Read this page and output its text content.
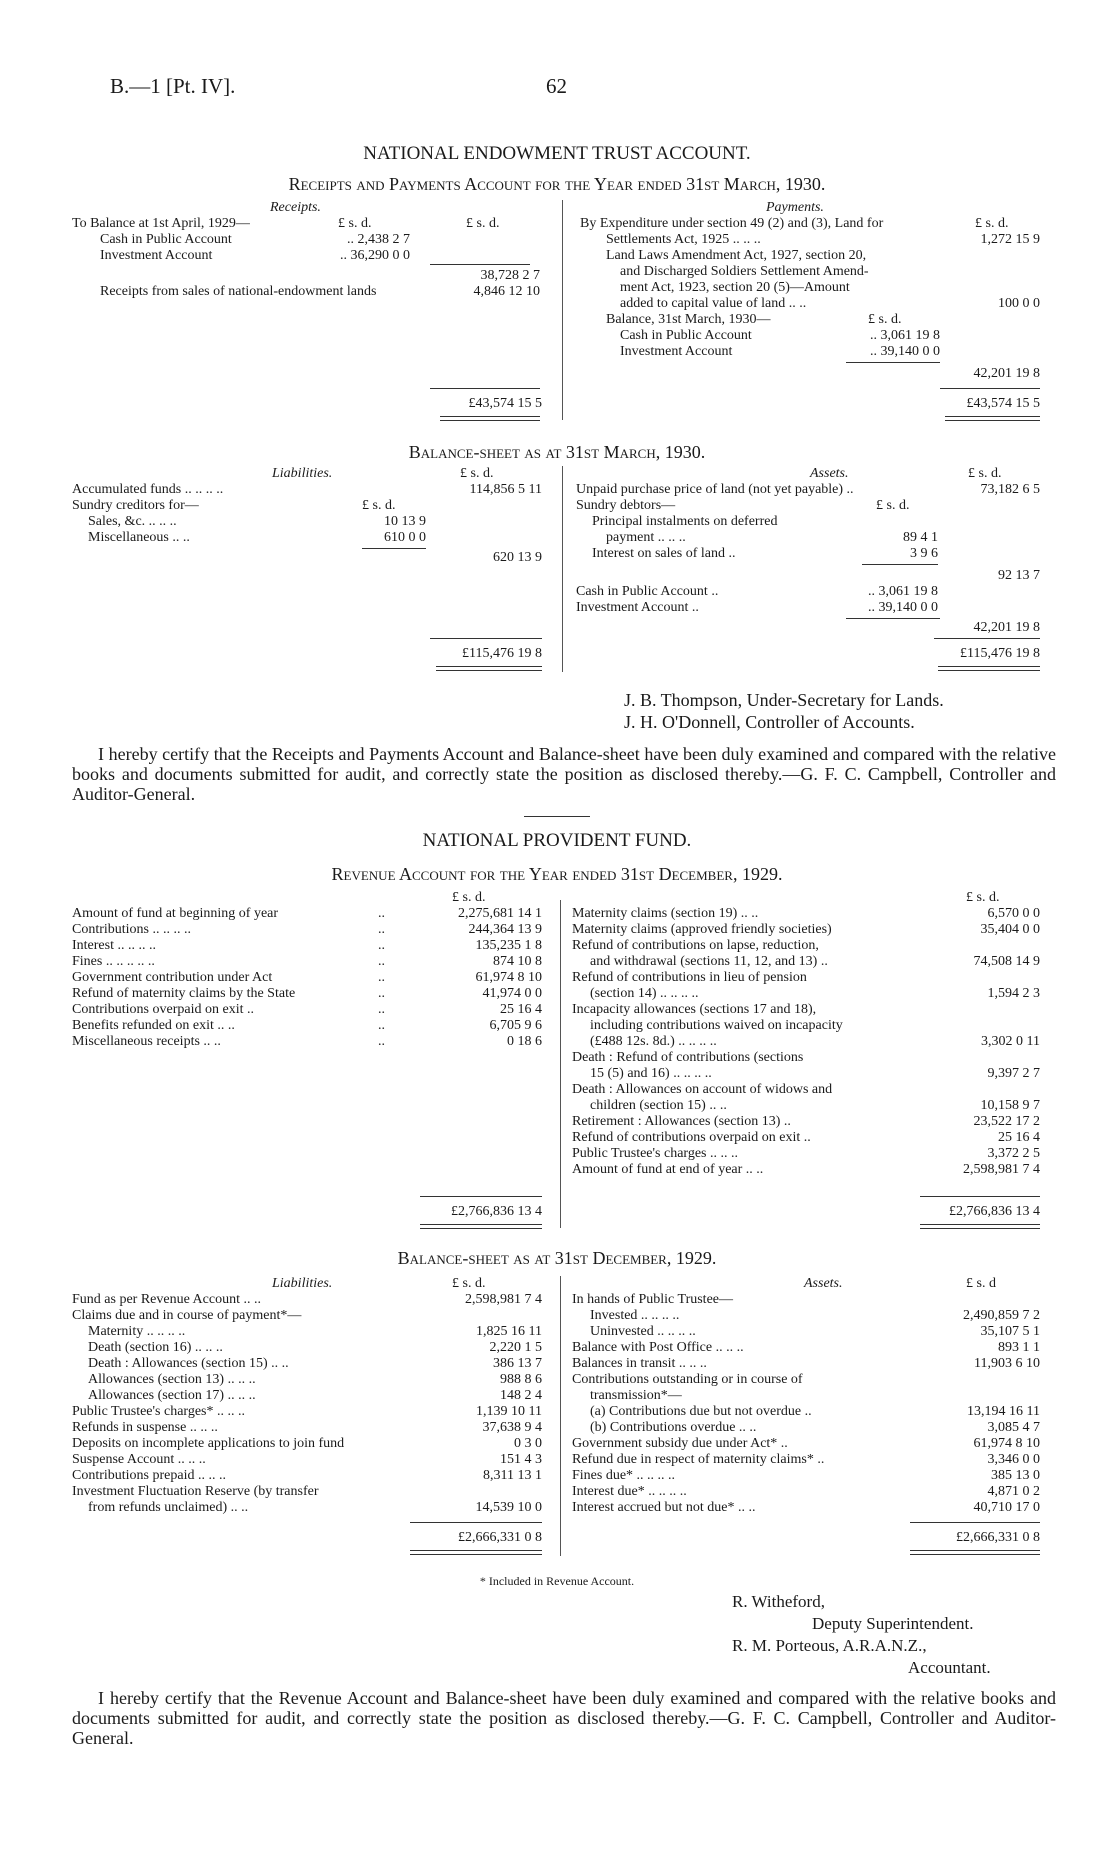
B.—1 [Pt. IV].	62
NATIONAL ENDOWMENT TRUST ACCOUNT.
Receipts and Payments Account for the Year ended 31st March, 1930.
Receipts.
£ s. d.	£ s. d.
To Balance at 1st April, 1929—
Cash in Public Account	.. 2,438 2 7
Investment Account	.. 36,290 0 0
38,728 2 7
Receipts from sales of national-endowment lands	4,846 12 10
£43,574 15 5
Payments.
£ s. d.
By Expenditure under section 49 (2) and (3), Land for
Settlements Act, 1925 .. .. ..	1,272 15 9
Land Laws Amendment Act, 1927, section 20,
and Discharged Soldiers Settlement Amend-
ment Act, 1923, section 20 (5)—Amount
added to capital value of land .. ..	100 0 0
Balance, 31st March, 1930—	£ s. d.
Cash in Public Account	.. 3,061 19 8
Investment Account	.. 39,140 0 0
42,201 19 8
£43,574 15 5
Balance-sheet as at 31st March, 1930.
Liabilities.	£ s. d.
Accumulated funds .. .. .. ..	114,856 5 11
Sundry creditors for—	£ s. d.
Sales, &c. .. .. ..	10 13 9
Miscellaneous .. ..	610 0 0
620 13 9
£115,476 19 8
Assets.	£ s. d.
Unpaid purchase price of land (not yet payable) ..	73,182 6 5
Sundry debtors—	£ s. d.
Principal instalments on deferred
payment .. .. ..	89 4 1
Interest on sales of land ..	3 9 6
92 13 7
Cash in Public Account ..	.. 3,061 19 8
Investment Account ..	.. 39,140 0 0
42,201 19 8
£115,476 19 8
J. B. Thompson, Under-Secretary for Lands.
J. H. O'Donnell, Controller of Accounts.
I hereby certify that the Receipts and Payments Account and Balance-sheet have been duly examined and compared with the relative books and documents submitted for audit, and correctly state the position as disclosed thereby.—G. F. C. Campbell, Controller and Auditor-General.
NATIONAL PROVIDENT FUND.
Revenue Account for the Year ended 31st December, 1929.
£ s. d.	£ s. d.
Amount of fund at beginning of year	..	2,275,681 14 1
Contributions .. .. .. ..	..	244,364 13 9
Interest .. .. .. ..	..	135,235 1 8
Fines .. .. .. .. ..	..	874 10 8
Government contribution under Act	..	61,974 8 10
Refund of maternity claims by the State	..	41,974 0 0
Contributions overpaid on exit ..	..	25 16 4
Benefits refunded on exit .. ..	..	6,705 9 6
Miscellaneous receipts .. ..	..	0 18 6
£2,766,836 13 4
Maternity claims (section 19) .. ..	6,570 0 0
Maternity claims (approved friendly societies)	35,404 0 0
Refund of contributions on lapse, reduction,
and withdrawal (sections 11, 12, and 13) ..	74,508 14 9
Refund of contributions in lieu of pension
(section 14) .. .. .. ..	1,594 2 3
Incapacity allowances (sections 17 and 18),
including contributions waived on incapacity
(£488 12s. 8d.) .. .. .. ..	3,302 0 11
Death : Refund of contributions (sections
15 (5) and 16) .. .. .. ..	9,397 2 7
Death : Allowances on account of widows and
children (section 15) .. ..	10,158 9 7
Retirement : Allowances (section 13) ..	23,522 17 2
Refund of contributions overpaid on exit ..	25 16 4
Public Trustee's charges .. .. ..	3,372 2 5
Amount of fund at end of year .. ..	2,598,981 7 4
£2,766,836 13 4
Balance-sheet as at 31st December, 1929.
Liabilities.	£ s. d.	Assets.	£ s. d
Fund as per Revenue Account .. ..	2,598,981 7 4
Claims due and in course of payment*—
Maternity .. .. .. ..	1,825 16 11
Death (section 16) .. .. ..	2,220 1 5
Death : Allowances (section 15) .. ..	386 13 7
Allowances (section 13) .. .. ..	988 8 6
Allowances (section 17) .. .. ..	148 2 4
Public Trustee's charges* .. .. ..	1,139 10 11
Refunds in suspense .. .. ..	37,638 9 4
Deposits on incomplete applications to join fund	0 3 0
Suspense Account .. .. ..	151 4 3
Contributions prepaid .. .. ..	8,311 13 1
Investment Fluctuation Reserve (by transfer
from refunds unclaimed) .. ..	14,539 10 0
£2,666,331 0 8
In hands of Public Trustee—
Invested .. .. .. ..	2,490,859 7 2
Uninvested .. .. .. ..	35,107 5 1
Balance with Post Office .. .. ..	893 1 1
Balances in transit .. .. ..	11,903 6 10
Contributions outstanding or in course of
transmission*—
(a) Contributions due but not overdue ..	13,194 16 11
(b) Contributions overdue .. ..	3,085 4 7
Government subsidy due under Act* ..	61,974 8 10
Refund due in respect of maternity claims* ..	3,346 0 0
Fines due* .. .. .. ..	385 13 0
Interest due* .. .. .. ..	4,871 0 2
Interest accrued but not due* .. ..	40,710 17 0
£2,666,331 0 8
* Included in Revenue Account.
R. Witheford,
Deputy Superintendent.
R. M. Porteous, A.R.A.N.Z.,
Accountant.
I hereby certify that the Revenue Account and Balance-sheet have been duly examined and compared with the relative books and documents submitted for audit, and correctly state the position as disclosed thereby.—G. F. C. Campbell, Controller and Auditor-General.
